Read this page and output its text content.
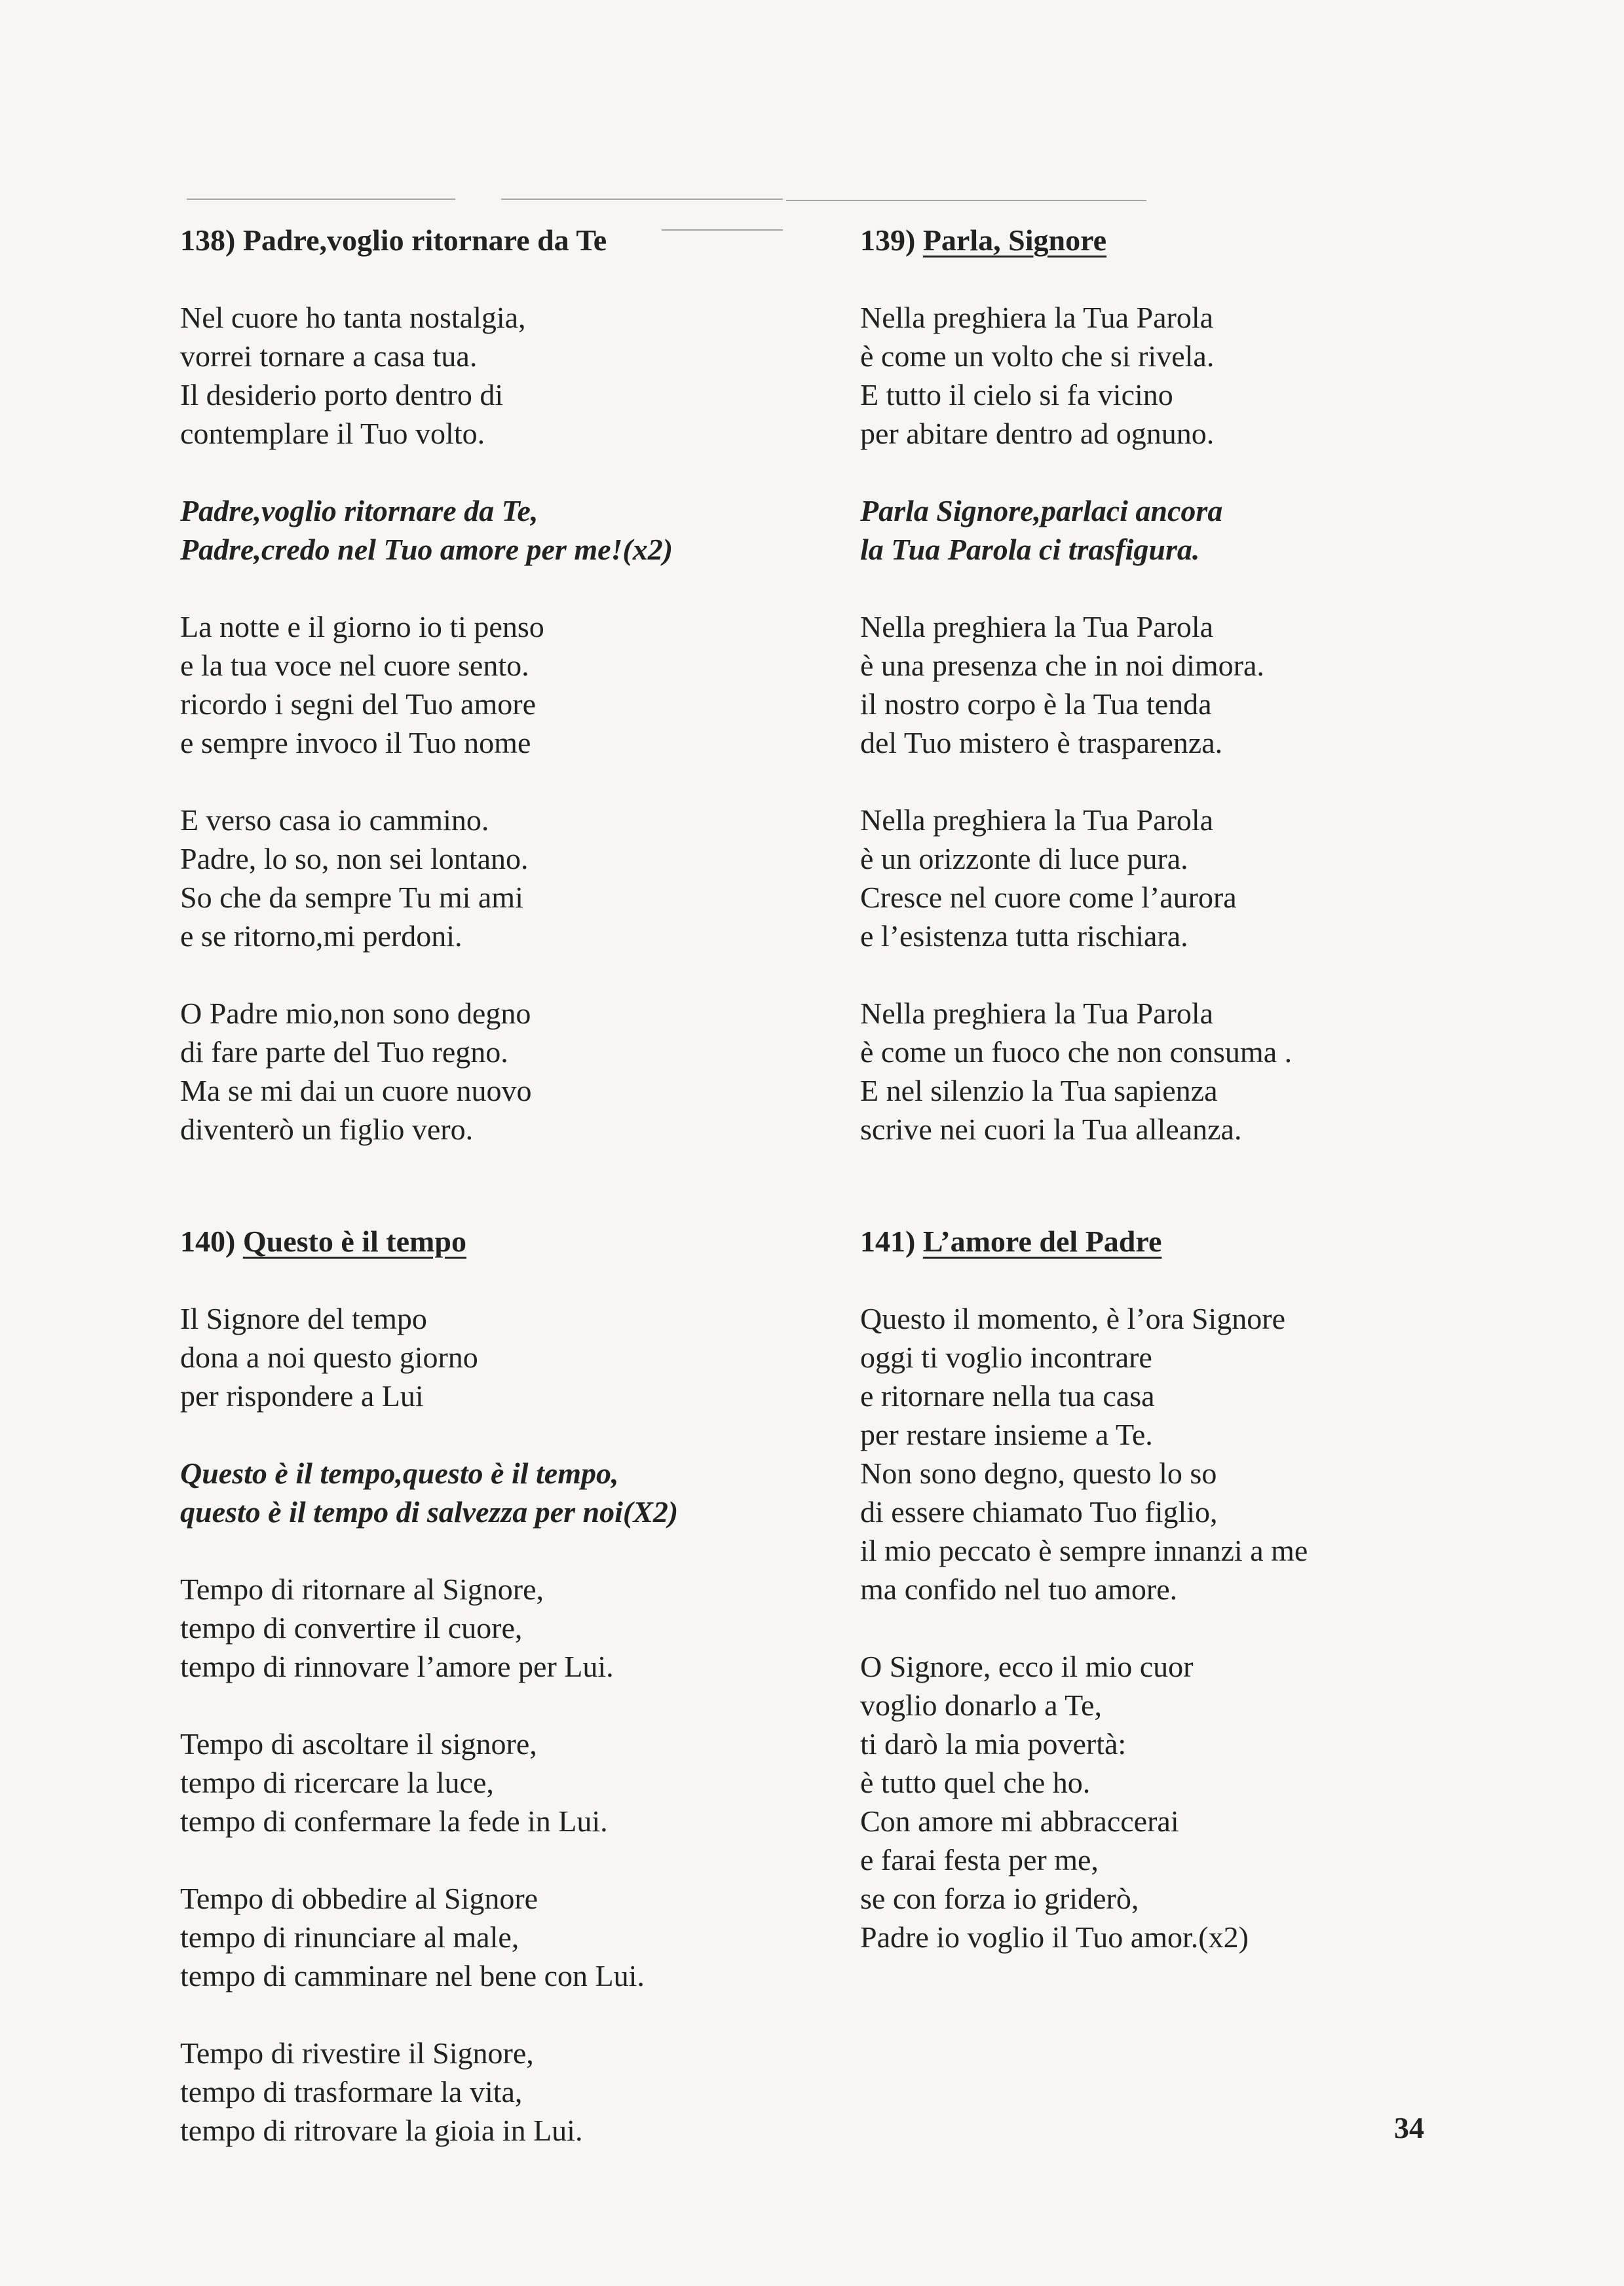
138) Padre,voglio ritornare da Te
Nel cuore ho tanta nostalgia,
vorrei tornare a casa tua.
Il desiderio porto dentro di
contemplare il Tuo volto.
Padre,voglio ritornare da Te,
Padre,credo nel Tuo amore per me!(x2)
La notte e il giorno io ti penso
e la tua voce nel cuore sento.
ricordo i segni del Tuo amore
e sempre invoco il Tuo nome
E verso casa io cammino.
Padre, lo so, non sei lontano.
So che da sempre Tu mi ami
e se ritorno,mi perdoni.
O Padre mio,non sono degno
di fare parte del Tuo regno.
Ma se mi dai un cuore nuovo
diventerò un figlio vero.
139) Parla, Signore
Nella preghiera la Tua Parola
è come un volto che si rivela.
E tutto il cielo si fa vicino
per abitare dentro ad ognuno.
Parla Signore,parlaci ancora
la Tua Parola ci trasfigura.
Nella preghiera la Tua Parola
è una presenza che in noi dimora.
il nostro corpo è la Tua tenda
del Tuo mistero è trasparenza.
Nella preghiera la Tua Parola
è un orizzonte di luce pura.
Cresce nel cuore come l’aurora
e l’esistenza tutta rischiara.
Nella preghiera la Tua Parola
è come un fuoco che non consuma .
E nel silenzio la Tua sapienza
scrive nei cuori la Tua alleanza.
140) Questo è il tempo
Il Signore del tempo
dona a noi questo giorno
per rispondere a Lui
Questo è il tempo,questo è il tempo,
questo è il tempo di salvezza per noi(X2)
Tempo di ritornare al Signore,
tempo di convertire il cuore,
tempo di rinnovare l’amore per Lui.
Tempo di ascoltare il signore,
tempo di ricercare la luce,
tempo di confermare la fede in Lui.
Tempo di obbedire al Signore
tempo di rinunciare al male,
tempo di camminare nel bene con Lui.
Tempo di rivestire il Signore,
tempo di trasformare la vita,
tempo di ritrovare la gioia in Lui.
141) L’amore del Padre
Questo il momento, è l’ora Signore
oggi ti voglio incontrare
e ritornare nella tua casa
per restare insieme a Te.
Non sono degno, questo lo so
di essere chiamato Tuo figlio,
il mio peccato è sempre innanzi a me
ma confido nel tuo amore.
O Signore, ecco il mio cuor
voglio donarlo a Te,
ti darò la mia povertà:
è tutto quel che ho.
Con amore mi abbraccerai
e farai festa per me,
se con forza io griderò,
Padre io voglio il Tuo amor.(x2)
34
